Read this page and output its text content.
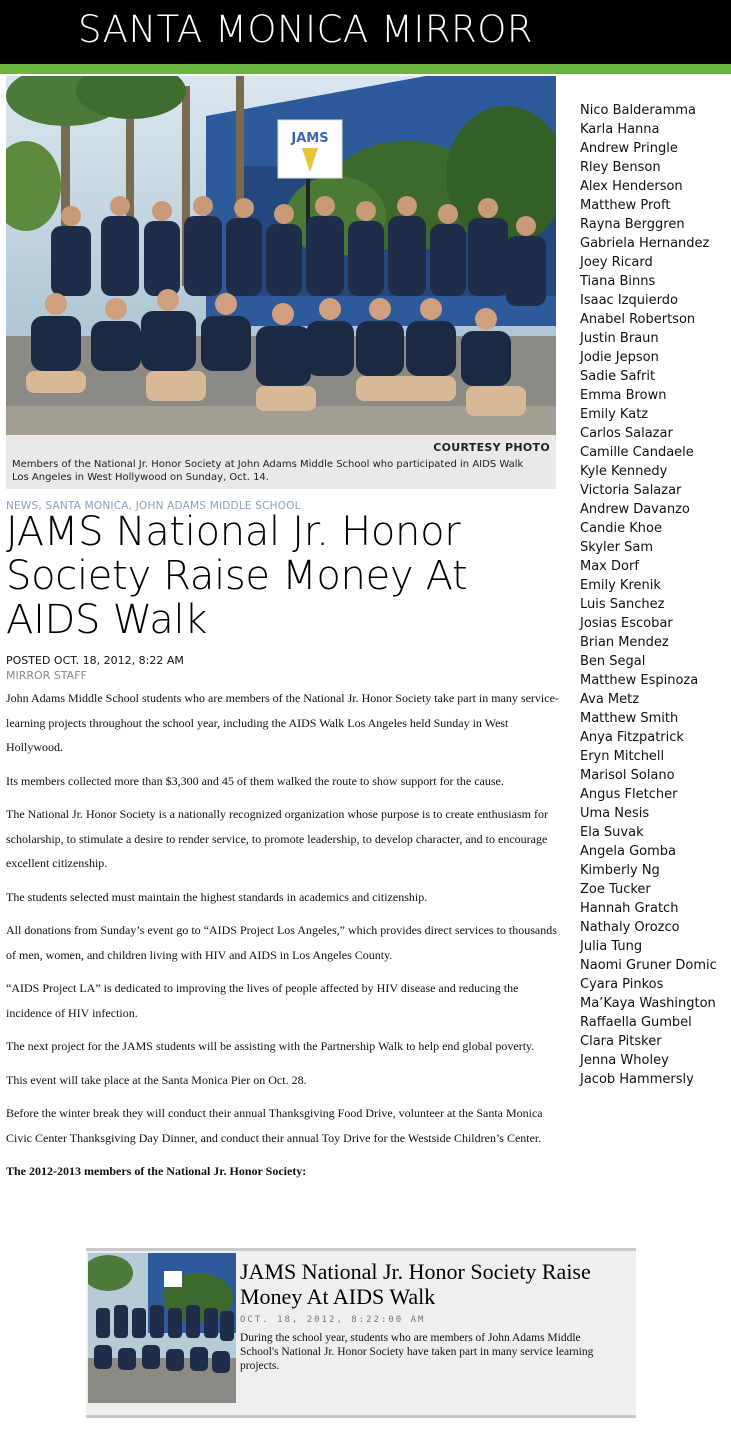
SANTA MONICA MIRROR
JAMS
COURTESY PHOTO
Members of the National Jr. Honor Society at John Adams Middle School who participated in AIDS Walk Los Angeles in West Hollywood on Sunday, Oct. 14.
NEWS, SANTA MONICA, JOHN ADAMS MIDDLE SCHOOL
JAMS National Jr. Honor Society Raise Money At AIDS Walk
POSTED OCT. 18, 2012, 8:22 AM
MIRROR STAFF

John Adams Middle School students who are members of the National Jr. Honor Society take part in many service-learning projects throughout the school year, including the AIDS Walk Los Angeles held Sunday in West Hollywood.

Its members collected more than $3,300 and 45 of them walked the route to show support for the cause.

The National Jr. Honor Society is a nationally recognized organization whose purpose is to create enthusiasm for scholarship, to stimulate a desire to render service, to promote leadership, to develop character, and to encourage excellent citizenship.

The students selected must maintain the highest standards in academics and citizenship.

All donations from Sunday’s event go to “AIDS Project Los Angeles,” which provides direct services to thousands of men, women, and children living with HIV and AIDS in Los Angeles County.

“AIDS Project LA” is dedicated to improving the lives of people affected by HIV disease and reducing the incidence of HIV infection.

The next project for the JAMS students will be assisting with the Partnership Walk to help end global poverty.

This event will take place at the Santa Monica Pier on Oct. 28.

Before the winter break they will conduct their annual Thanksgiving Food Drive, volunteer at the Santa Monica Civic Center Thanksgiving Day Dinner, and conduct their annual Toy Drive for the Westside Children’s Center.

The 2012-2013 members of the National Jr. Honor Society:

Nico Balderamma
Karla Hanna
Andrew Pringle
Rley Benson
Alex Henderson
Matthew Proft
Rayna Berggren
Gabriela Hernandez
Joey Ricard
Tiana Binns
Isaac Izquierdo
Anabel Robertson
Justin Braun
Jodie Jepson
Sadie Safrit
Emma Brown
Emily Katz
Carlos Salazar
Camille Candaele
Kyle Kennedy
Victoria Salazar
Andrew Davanzo
Candie Khoe
Skyler Sam
Max Dorf
Emily Krenik
Luis Sanchez
Josias Escobar
Brian Mendez
Ben Segal
Matthew Espinoza
Ava Metz
Matthew Smith
Anya Fitzpatrick
Eryn Mitchell
Marisol Solano
Angus Fletcher
Uma Nesis
Ela Suvak
Angela Gomba
Kimberly Ng
Zoe Tucker
Hannah Gratch
Nathaly Orozco
Julia Tung
Naomi Gruner Domic
Cyara Pinkos
Ma’Kaya Washington
Raffaella Gumbel
Clara Pitsker
Jenna Wholey
Jacob Hammersly
JAMS National Jr. Honor Society Raise Money At AIDS Walk
OCT. 18, 2012, 8:22:00 AM
During the school year, students who are members of John Adams Middle School's National Jr. Honor Society have taken part in many service learning projects.
